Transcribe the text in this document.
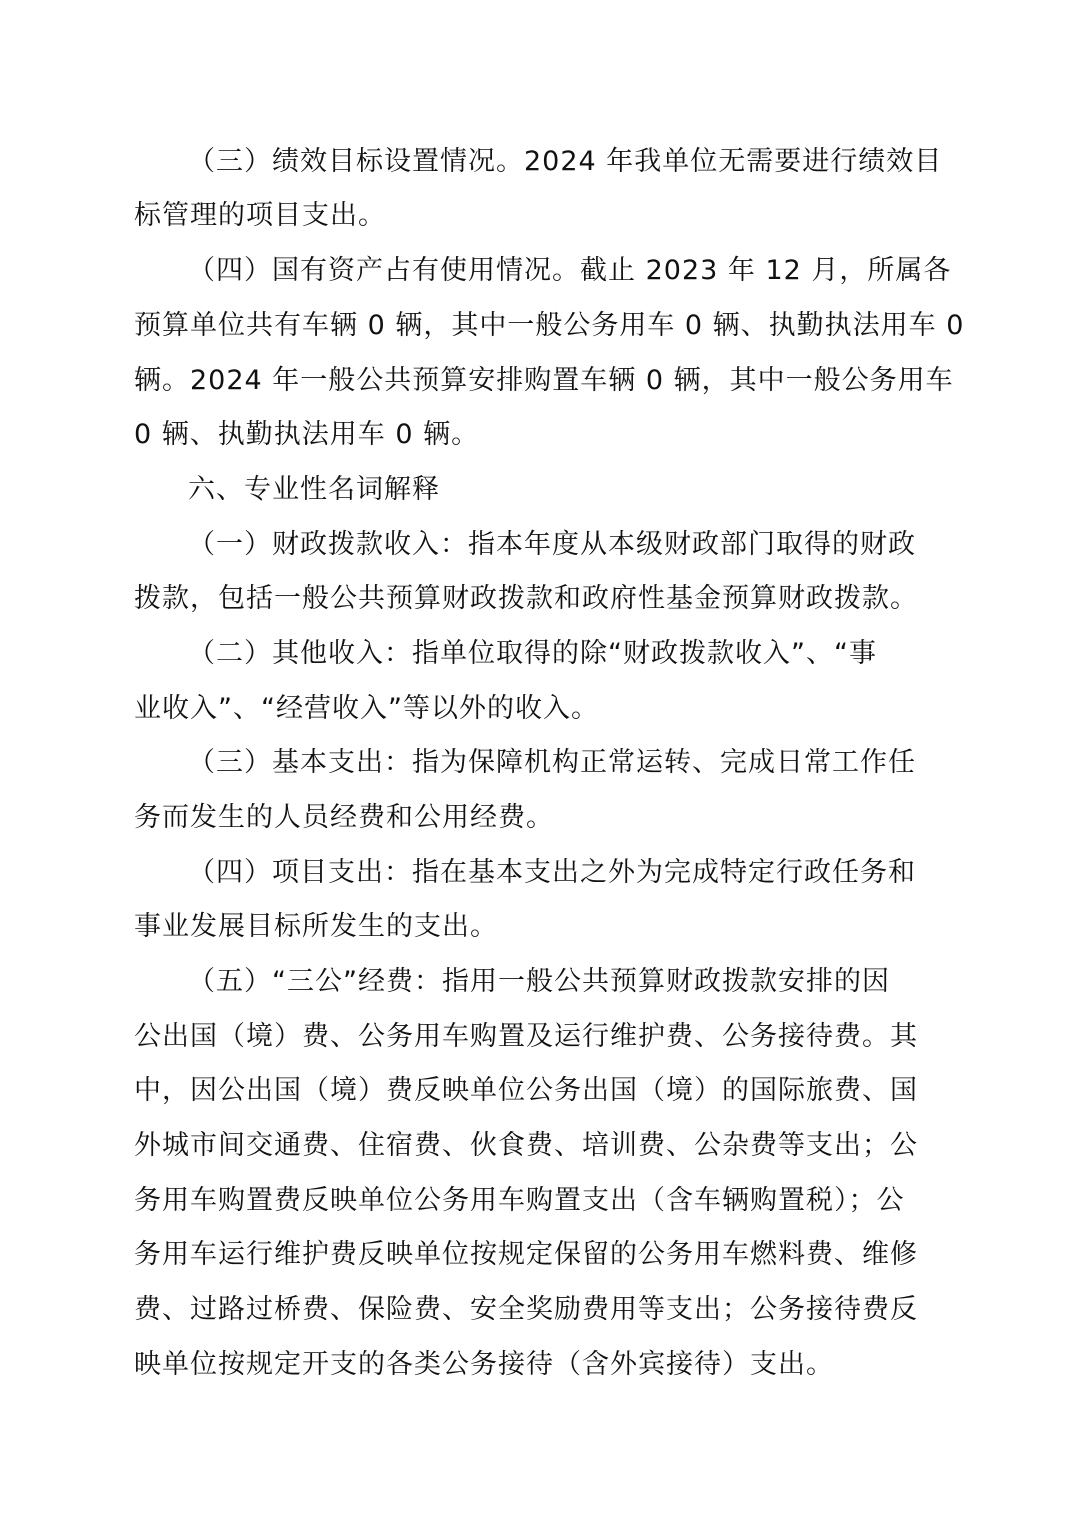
（三）绩效目标设置情况。2024 年我单位无需要进行绩效目
标管理的项目支出。
（四）国有资产占有使用情况。截止 2023 年 12 月，所属各
预算单位共有车辆 0 辆，其中一般公务用车 0 辆、执勤执法用车 0
辆。2024 年一般公共预算安排购置车辆 0 辆，其中一般公务用车
0 辆、执勤执法用车 0 辆。
六、专业性名词解释
（一）财政拨款收入：指本年度从本级财政部门取得的财政
拨款，包括一般公共预算财政拨款和政府性基金预算财政拨款。
（二）其他收入：指单位取得的除“财政拨款收入”、“事
业收入”、“经营收入”等以外的收入。
（三）基本支出：指为保障机构正常运转、完成日常工作任
务而发生的人员经费和公用经费。
（四）项目支出：指在基本支出之外为完成特定行政任务和
事业发展目标所发生的支出。
（五）“三公”经费：指用一般公共预算财政拨款安排的因
公出国（境）费、公务用车购置及运行维护费、公务接待费。其
中，因公出国（境）费反映单位公务出国（境）的国际旅费、国
外城市间交通费、住宿费、伙食费、培训费、公杂费等支出；公
务用车购置费反映单位公务用车购置支出（含车辆购置税）；公
务用车运行维护费反映单位按规定保留的公务用车燃料费、维修
费、过路过桥费、保险费、安全奖励费用等支出；公务接待费反
映单位按规定开支的各类公务接待（含外宾接待）支出。
